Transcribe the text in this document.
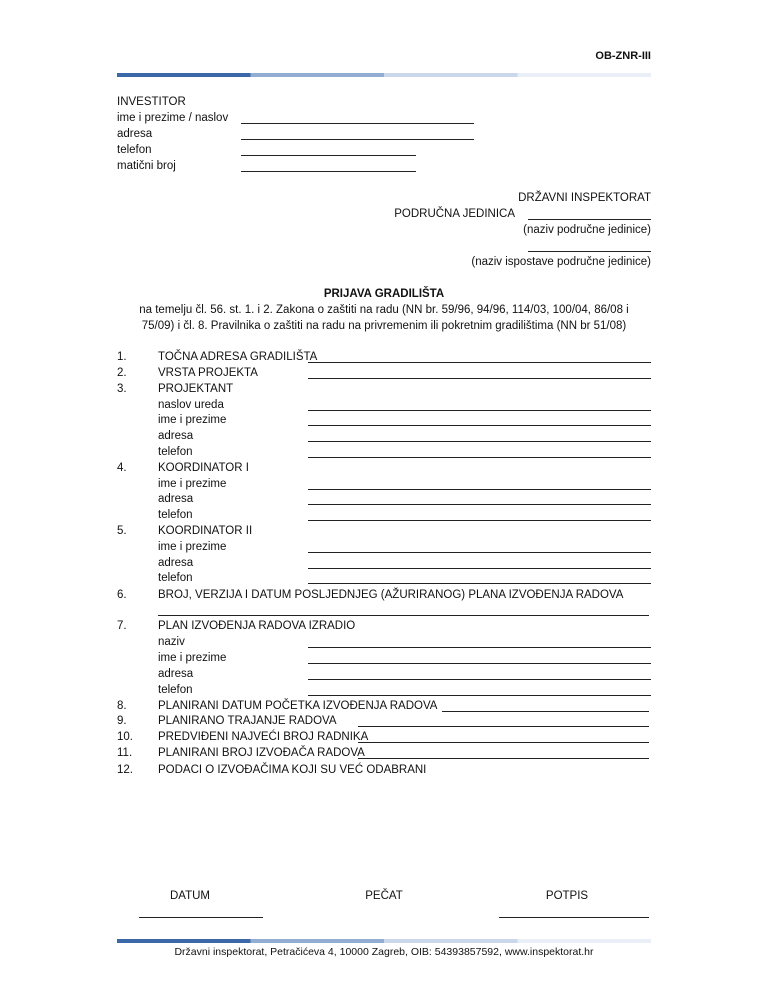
OB-ZNR-III
INVESTITOR
ime i prezime / naslov
adresa
telefon
matični broj
DRŽAVNI INSPEKTORAT
PODRUČNA JEDINICA
(naziv područne jedinice)
(naziv ispostave područne jedinice)
PRIJAVA GRADILIŠTA
na temelju čl. 56. st. 1. i 2. Zakona o zaštiti na radu (NN br. 59/96, 94/96, 114/03, 100/04, 86/08 i
75/09) i čl. 8. Pravilnika o zaštiti na radu na privremenim ili pokretnim gradilištima (NN br 51/08)
1.	TOČNA ADRESA GRADILIŠTA
2.	VRSTA PROJEKTA
3.	PROJEKTANT
naslov ureda
ime i prezime
adresa
telefon
4.	KOORDINATOR I
ime i prezime
adresa
telefon
5.	KOORDINATOR II
ime i prezime
adresa
telefon
6.	BROJ, VERZIJA I DATUM POSLJEDNJEG (AŽURIRANOG) PLANA IZVOĐENJA RADOVA
7.	PLAN IZVOĐENJA RADOVA IZRADIO
naziv
ime i prezime
adresa
telefon
8.	PLANIRANI DATUM POČETKA IZVOĐENJA RADOVA
9.	PLANIRANO TRAJANJE RADOVA
10. PREDVIĐENI NAJVEĆI BROJ RADNIKA
11. PLANIRANI BROJ IZVOĐAČA RADOVA
12. PODACI O IZVOĐAČIMA KOJI SU VEĆ ODABRANI
DATUM	PEČAT	POTPIS
Državni inspektorat, Petračićeva 4, 10000 Zagreb, OIB: 54393857592, www.inspektorat.hr
